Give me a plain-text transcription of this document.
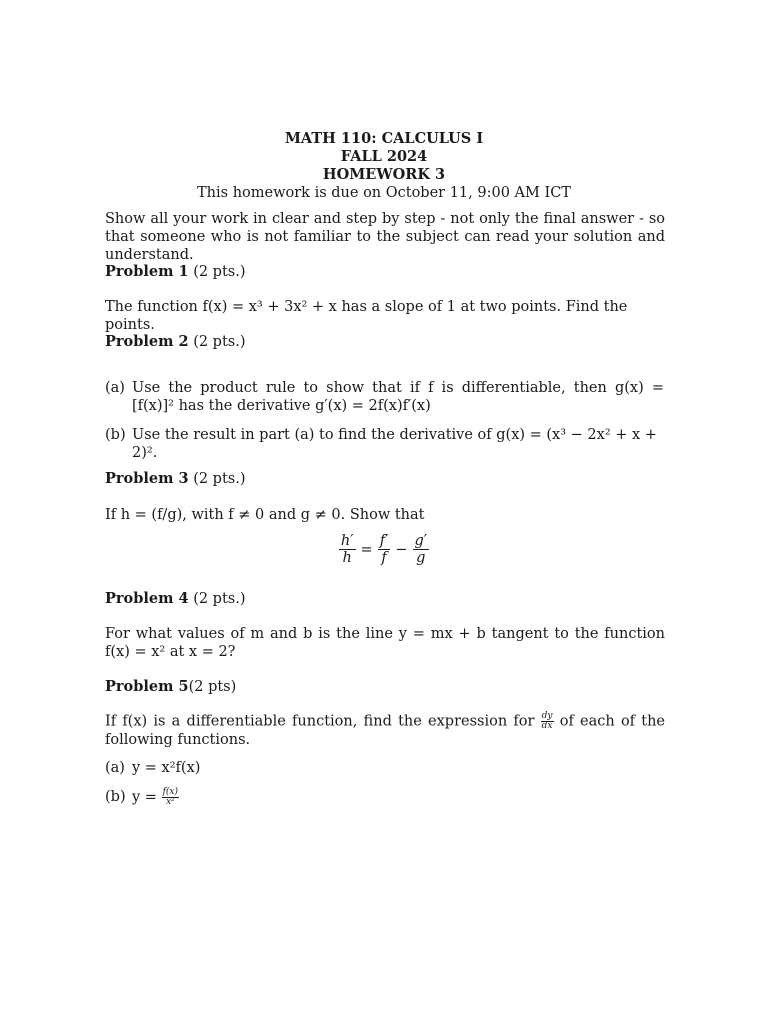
MATH 110: CALCULUS I
FALL 2024
HOMEWORK 3
This homework is due on October 11, 9:00 AM ICT
Show all your work in clear and step by step - not only the final answer - so that someone who is not familiar to the subject can read your solution and understand.
Problem 1 (2 pts.)
The function f(x) = x³ + 3x² + x has a slope of 1 at two points. Find the points.
Problem 2 (2 pts.)
(a) Use the product rule to show that if f is differentiable, then g(x) = [f(x)]² has the derivative g′(x) = 2f(x)f′(x)
(b) Use the result in part (a) to find the derivative of g(x) = (x³ − 2x² + x + 2)².
Problem 3 (2 pts.)
If h = (f/g), with f ≠ 0 and g ≠ 0. Show that
$\frac{h'}{h} = \frac{f'}{f} - \frac{g'}{g}$
Problem 4 (2 pts.)
For what values of m and b is the line y = mx + b tangent to the function f(x) = x² at x = 2?
Problem 5(2 pts)
If f(x) is a differentiable function, find the expression for $\frac{dy}{dx}$ of each of the following functions.
(a) y = x²f(x)
(b) $y = \frac{f(x)}{\text{x²}}$
